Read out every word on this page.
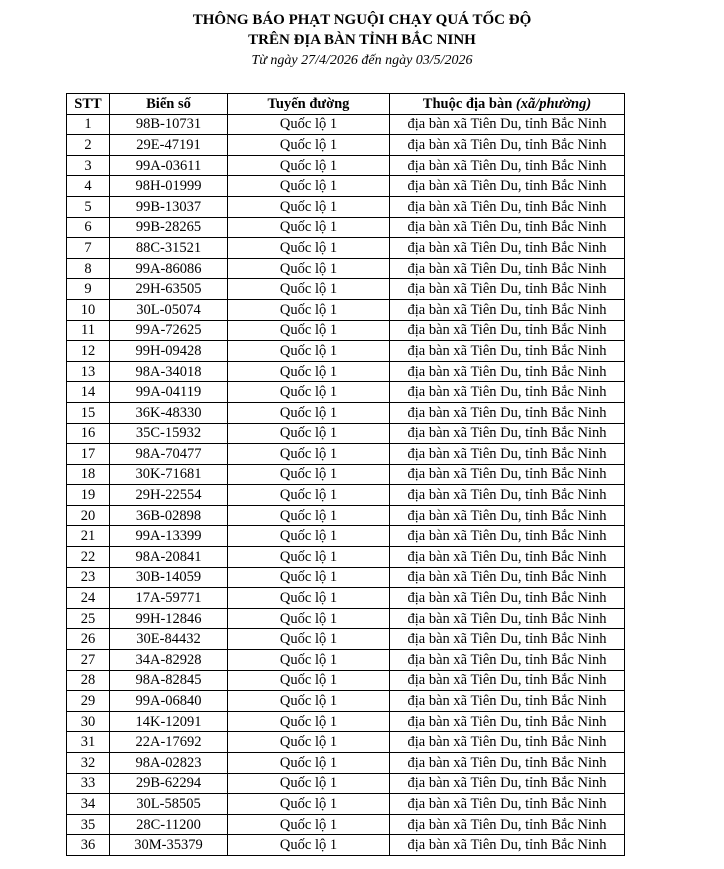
THÔNG BÁO PHẠT NGUỘI CHẠY QUÁ TỐC ĐỘ
TRÊN ĐỊA BÀN TỈNH BẮC NINH
Từ ngày 27/4/2026 đến ngày 03/5/2026
STT	Biển số	Tuyến đường	Thuộc địa bàn (xã/phường)
1	98B-10731	Quốc lộ 1	địa bàn xã Tiên Du, tỉnh Bắc Ninh
2	29E-47191	Quốc lộ 1	địa bàn xã Tiên Du, tỉnh Bắc Ninh
3	99A-03611	Quốc lộ 1	địa bàn xã Tiên Du, tỉnh Bắc Ninh
4	98H-01999	Quốc lộ 1	địa bàn xã Tiên Du, tỉnh Bắc Ninh
5	99B-13037	Quốc lộ 1	địa bàn xã Tiên Du, tỉnh Bắc Ninh
6	99B-28265	Quốc lộ 1	địa bàn xã Tiên Du, tỉnh Bắc Ninh
7	88C-31521	Quốc lộ 1	địa bàn xã Tiên Du, tỉnh Bắc Ninh
8	99A-86086	Quốc lộ 1	địa bàn xã Tiên Du, tỉnh Bắc Ninh
9	29H-63505	Quốc lộ 1	địa bàn xã Tiên Du, tỉnh Bắc Ninh
10	30L-05074	Quốc lộ 1	địa bàn xã Tiên Du, tỉnh Bắc Ninh
11	99A-72625	Quốc lộ 1	địa bàn xã Tiên Du, tỉnh Bắc Ninh
12	99H-09428	Quốc lộ 1	địa bàn xã Tiên Du, tỉnh Bắc Ninh
13	98A-34018	Quốc lộ 1	địa bàn xã Tiên Du, tỉnh Bắc Ninh
14	99A-04119	Quốc lộ 1	địa bàn xã Tiên Du, tỉnh Bắc Ninh
15	36K-48330	Quốc lộ 1	địa bàn xã Tiên Du, tỉnh Bắc Ninh
16	35C-15932	Quốc lộ 1	địa bàn xã Tiên Du, tỉnh Bắc Ninh
17	98A-70477	Quốc lộ 1	địa bàn xã Tiên Du, tỉnh Bắc Ninh
18	30K-71681	Quốc lộ 1	địa bàn xã Tiên Du, tỉnh Bắc Ninh
19	29H-22554	Quốc lộ 1	địa bàn xã Tiên Du, tỉnh Bắc Ninh
20	36B-02898	Quốc lộ 1	địa bàn xã Tiên Du, tỉnh Bắc Ninh
21	99A-13399	Quốc lộ 1	địa bàn xã Tiên Du, tỉnh Bắc Ninh
22	98A-20841	Quốc lộ 1	địa bàn xã Tiên Du, tỉnh Bắc Ninh
23	30B-14059	Quốc lộ 1	địa bàn xã Tiên Du, tỉnh Bắc Ninh
24	17A-59771	Quốc lộ 1	địa bàn xã Tiên Du, tỉnh Bắc Ninh
25	99H-12846	Quốc lộ 1	địa bàn xã Tiên Du, tỉnh Bắc Ninh
26	30E-84432	Quốc lộ 1	địa bàn xã Tiên Du, tỉnh Bắc Ninh
27	34A-82928	Quốc lộ 1	địa bàn xã Tiên Du, tỉnh Bắc Ninh
28	98A-82845	Quốc lộ 1	địa bàn xã Tiên Du, tỉnh Bắc Ninh
29	99A-06840	Quốc lộ 1	địa bàn xã Tiên Du, tỉnh Bắc Ninh
30	14K-12091	Quốc lộ 1	địa bàn xã Tiên Du, tỉnh Bắc Ninh
31	22A-17692	Quốc lộ 1	địa bàn xã Tiên Du, tỉnh Bắc Ninh
32	98A-02823	Quốc lộ 1	địa bàn xã Tiên Du, tỉnh Bắc Ninh
33	29B-62294	Quốc lộ 1	địa bàn xã Tiên Du, tỉnh Bắc Ninh
34	30L-58505	Quốc lộ 1	địa bàn xã Tiên Du, tỉnh Bắc Ninh
35	28C-11200	Quốc lộ 1	địa bàn xã Tiên Du, tỉnh Bắc Ninh
36	30M-35379	Quốc lộ 1	địa bàn xã Tiên Du, tỉnh Bắc Ninh
